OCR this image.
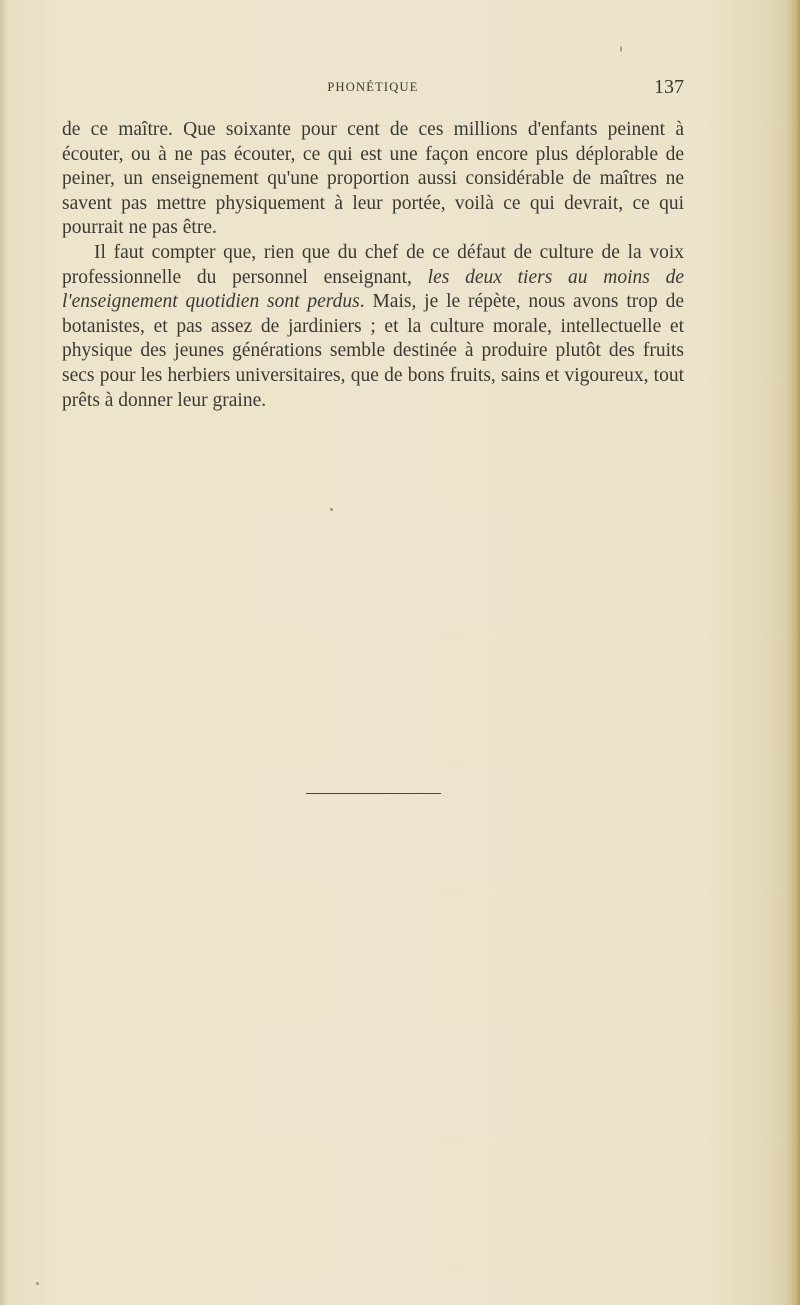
PHONÉTIQUE	137

de ce maître. Que soixante pour cent de ces millions d'enfants peinent à écouter, ou à ne pas écouter, ce qui est une façon encore plus déplorable de peiner, un enseignement qu'une proportion aussi considérable de maîtres ne savent pas mettre physiquement à leur portée, voilà ce qui devrait, ce qui pourrait ne pas être.

Il faut compter que, rien que du chef de ce défaut de culture de la voix professionnelle du personnel enseignant, les deux tiers au moins de l'enseignement quotidien sont perdus. Mais, je le répète, nous avons trop de botanistes, et pas assez de jardiniers ; et la culture morale, intellectuelle et physique des jeunes générations semble destinée à produire plutôt des fruits secs pour les herbiers universitaires, que de bons fruits, sains et vigoureux, tout prêts à donner leur graine.
